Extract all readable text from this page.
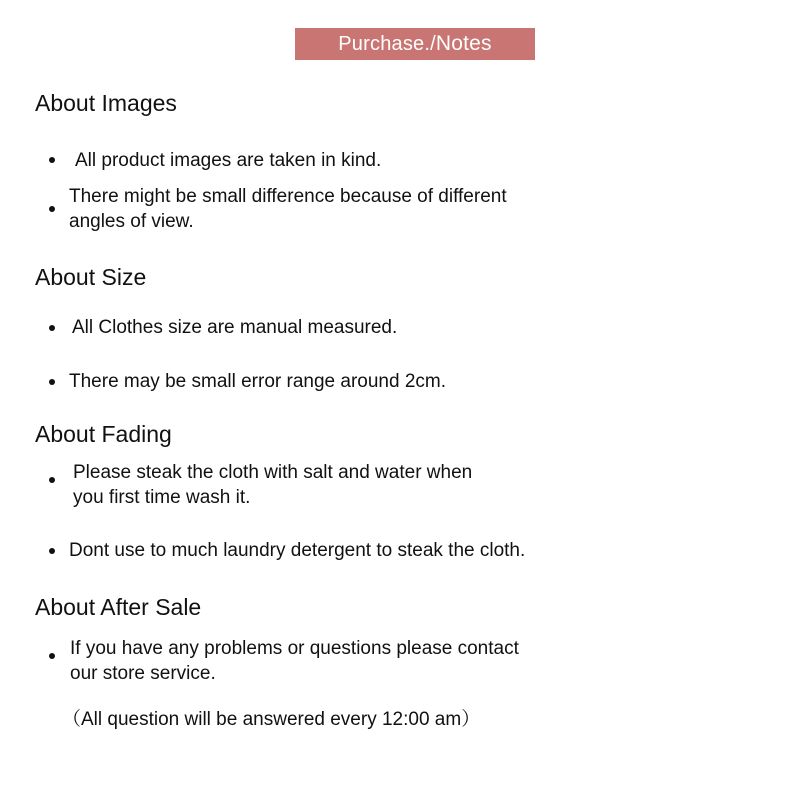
Purchase./ Notes
About Images
All product images are taken in kind.
There might be small difference because of different
angles of view.
About Size
All Clothes size are manual measured.
There may be small error range around 2cm.
About Fading
Please steak the cloth with salt and water when
you first time wash it.
Dont use to much laundry detergent to steak the cloth.
About After Sale
If you have any problems or questions please contact
our store service.
（All question will be answered every 12:00 am）
